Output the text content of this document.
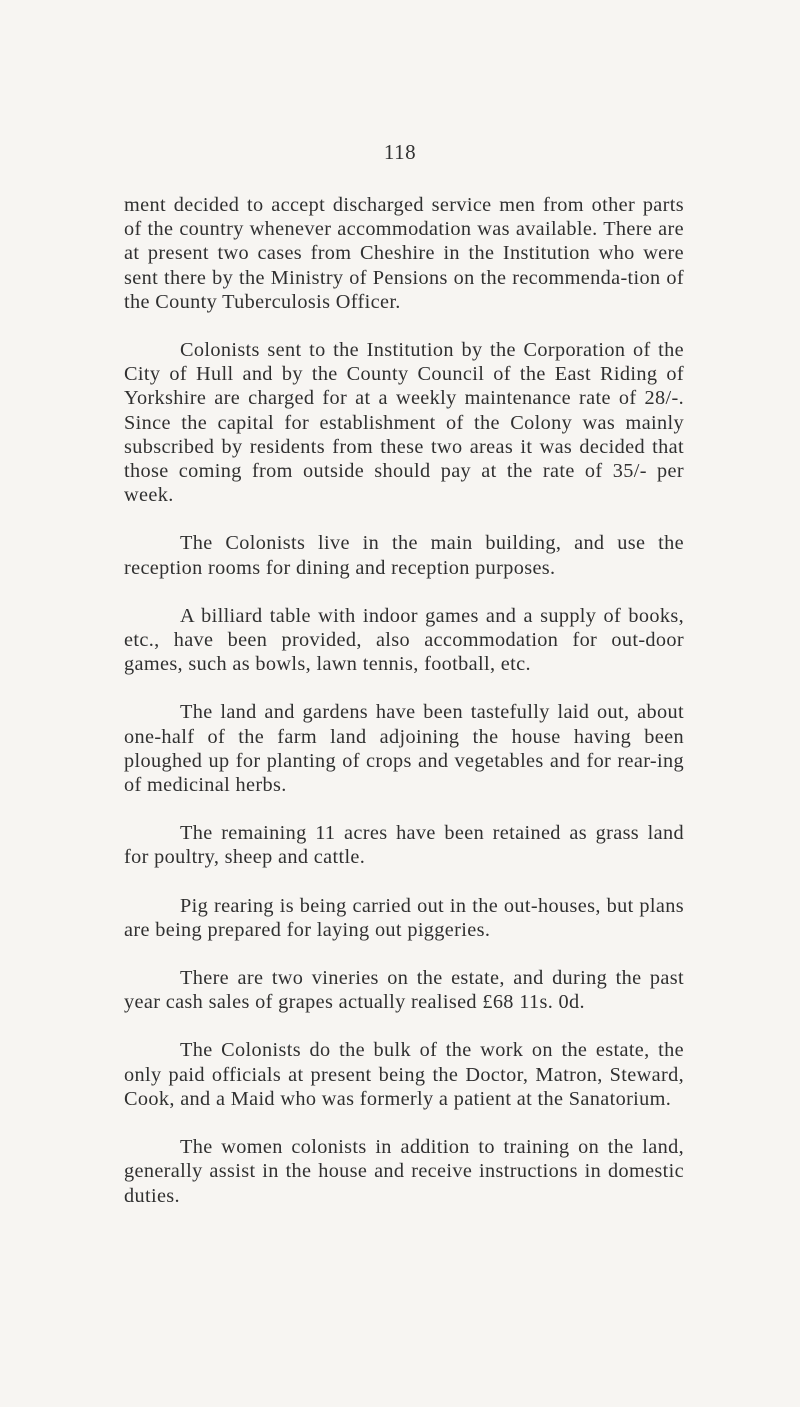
118

ment decided to accept discharged service men from other parts of the country whenever accommodation was available. There are at present two cases from Cheshire in the Institution who were sent there by the Ministry of Pensions on the recommenda-tion of the County Tuberculosis Officer.

Colonists sent to the Institution by the Corporation of the City of Hull and by the County Council of the East Riding of Yorkshire are charged for at a weekly maintenance rate of 28/-. Since the capital for establishment of the Colony was mainly subscribed by residents from these two areas it was decided that those coming from outside should pay at the rate of 35/- per week.

The Colonists live in the main building, and use the reception rooms for dining and reception purposes.

A billiard table with indoor games and a supply of books, etc., have been provided, also accommodation for out-door games, such as bowls, lawn tennis, football, etc.

The land and gardens have been tastefully laid out, about one-half of the farm land adjoining the house having been ploughed up for planting of crops and vegetables and for rear-ing of medicinal herbs.

The remaining 11 acres have been retained as grass land for poultry, sheep and cattle.

Pig rearing is being carried out in the out-houses, but plans are being prepared for laying out piggeries.

There are two vineries on the estate, and during the past year cash sales of grapes actually realised £68 11s. 0d.

The Colonists do the bulk of the work on the estate, the only paid officials at present being the Doctor, Matron, Steward, Cook, and a Maid who was formerly a patient at the Sanatorium.

The women colonists in addition to training on the land, generally assist in the house and receive instructions in domestic duties.
